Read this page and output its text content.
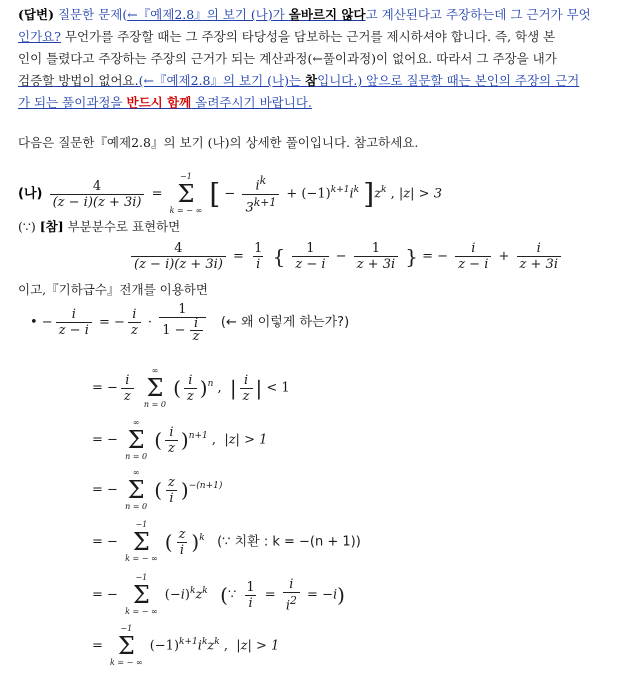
(답변) 질문한 문제(←『예제2.8』의 보기 (나)가 올바르지 않다고 계산된다고 주장하는데 그 근거가 무엇
인가요? 무언가를 주장할 때는 그 주장의 타당성을 담보하는 근거를 제시하셔야 합니다. 즉, 학생 본
인이 틀렸다고 주장하는 주장의 근거가 되는 계산과정(←풀이과정)이 없어요. 따라서 그 주장을 내가
검증할 방법이 없어요.(←『예제2.8』의 보기 (나)는 참입니다.) 앞으로 질문할 때는 본인의 주장의 근거
가 되는 풀이과정을 반드시 함께 올려주시기 바랍니다.
다음은 질문한『예제2.8』의 보기 (나)의 상세한 풀이입니다. 참고하세요.
(나) $\frac{4}{(z - i)(z + 3i)}$ =
−1
Σ
k = − ∞ [ − $\frac{i^k}{3^{k+1}} + (-1)^{k+1}i^k$ ]$z^k$ , |z| > 3
(∵) [참] 부분분수로 표현하면
$\frac{4}{(z - i)(z + 3i)} = \frac{1}{i}$ { $\frac{1}{z - i} - \frac{1}{z + 3i}$ } = − $\frac{i}{z - i} + \frac{i}{z + 3i}$
이고,『기하급수』전개를 이용하면
• − $\frac{i}{z - i}$ = − $\frac{i}{z} \cdot \frac{1}{1 - \frac{i}{z}}$ (← 왜 이렇게 하는가?)
= − $\frac{i}{z}$

∞
Σ
n = 0
( $\frac{i}{z} )^n$ ,  | $\frac{i}{z}$ | < 1
= −
∞
Σ
n = 0
( $\frac{i}{z} )^{n+1}$ ,  |z| > 1
= −
∞
Σ
n = 0
( $\frac{z}{i} )^{-(n+1)}$
= −
−1
Σ
k = − ∞
( $\frac{z}{i} )^k$ (∵ 치환 : k = −(n + 1))
= −
−1
Σ
k = − ∞
$(-i)^kz^k$ (∵ $\frac{1}{i} = \frac{i}{i^2} = -i$)
=
−1
Σ
k = − ∞
$(-1)^{k+1}i^kz^k$ ,  |z| > 1
